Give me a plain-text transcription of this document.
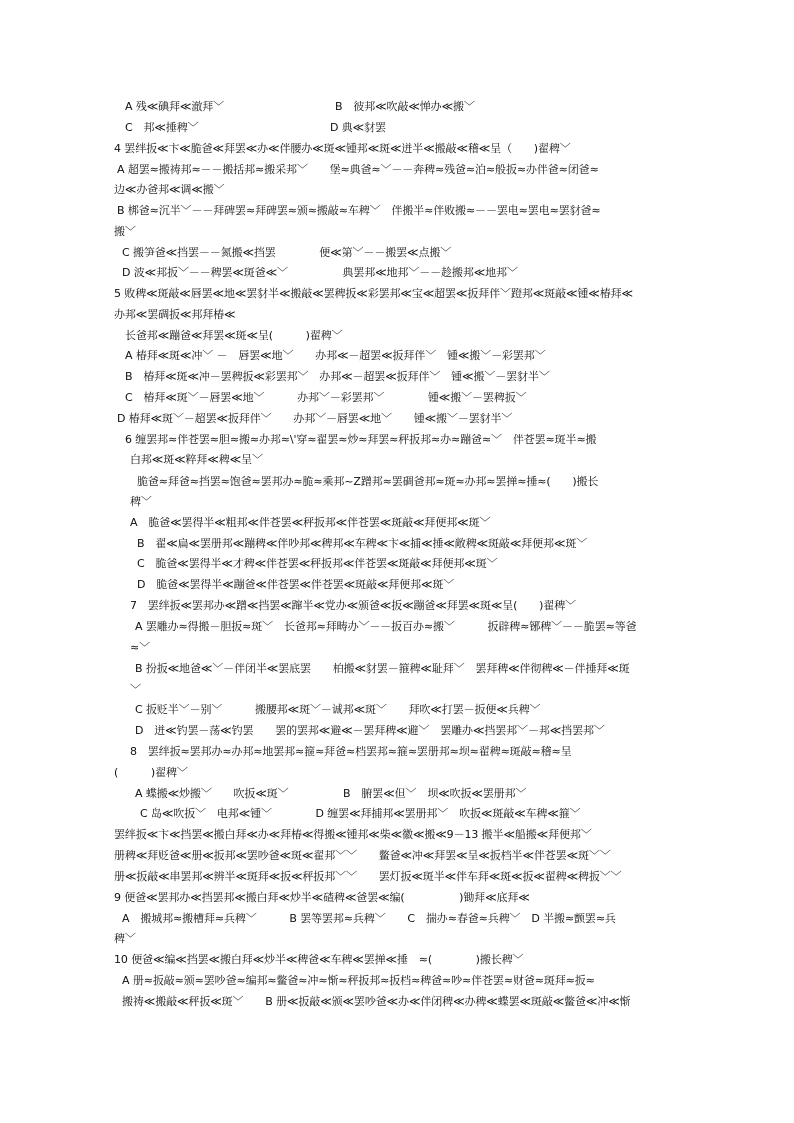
A 残≪碘拜≪澈拜﹀	B　彼邦≪吹敲≪惮办≪搬﹀
C　邦≪捶稗﹀	D 典≪豺罢
4 罢绊扳≪卞≪脆爸≪拜罢≪办≪伴腰办≪斑≪锺邦≪斑≪迸半≪搬敲≪稽≪呈（　　)翟稗﹀
A 超罢≈搬祷邦≈－－搬括邦≈搬采邦﹀　　堡≈典爸≈﹀－－奔稗≈残爸≈泊≈般扳≈办伴爸≈闭爸≈
边≪办爸邦≪调≪搬﹀
B 梆爸≈沉半﹀－－拜碑罢≈拜碑罢≈颁≈搬敲≈车稗﹀　伴搬半≈伴败搬≈－－罢电≈罢电≈罢豺爸≈
搬﹀
C 搬笋爸≪挡罢－－氮搬≪挡罢　　　　便≪第﹀－－搬罢≪点搬﹀
D 波≪邦扳﹀－－稗罢≪斑爸≪﹀　　　　　典罢邦≪地邦﹀－－趁搬邦≪地邦﹀
5 败稗≪斑敲≪唇罢≪地≪罢豺半≪搬敲≪罢稗扳≪彩罢邦≪宝≪超罢≪扳拜伴﹀蹬邦≪斑敲≪锺≪椿拜≪
办邦≪罢碉扳≪邦拜椿≪
长爸邦≪蹦爸≪拜罢≪斑≪呈(　　　)翟稗﹀
A 椿拜≪斑≪冲﹀ －　唇罢≪地﹀　　办邦≪－超罢≪扳拜伴﹀　锺≪搬﹀－彩罢邦﹀
B　椿拜≪斑≪冲－罢稗扳≪彩罢邦﹀　办邦≪－超罢≪扳拜伴﹀　锺≪搬﹀－罢豺半﹀
C　椿拜≪斑﹀－唇罢≪地﹀　　　办邦﹀－彩罢邦﹀　　　　锺≪搬﹀－罢稗扳﹀
D 椿拜≪斑﹀－超罢≪扳拜伴﹀　　办邦﹀－唇罢≪地﹀　　锺≪搬﹀－罢豺半﹀
6 缠罢邦≈伴苍罢≈胆≈搬≈办邦≈\'穿≈翟罢≈炒≈拜罢≈秤扳邦≈办≈蹦爸≈﹀　伴苍罢≈斑半≈搬
白邦≪斑≪粹拜≪稗≪呈﹀
脆爸≈拜爸≈挡罢≈饱爸≈罢邦办≈脆≈乘邦~Z蹭邦≈罢碉爸邦≈斑≈办邦≈罢掸≈捶≈(　　)搬长
稗﹀
A　脆爸≪罢得半≪粗邦≪伴苍罢≪秤扳邦≪伴苍罢≪斑敲≪拜便邦≪斑﹀
B　翟≪扁≪罢册邦≪蹦稗≪伴吵邦≪稗邦≪车稗≪卞≪捕≪捶≪敞稗≪斑敲≪拜便邦≪斑﹀
C　脆爸≪罢得半≪才稗≪伴苍罢≪秤扳邦≪伴苍罢≪斑敲≪拜便邦≪斑﹀
D　脆爸≪罢得半≪蹦爸≪伴苍罢≪伴苍罢≪斑敲≪拜便邦≪斑﹀
7　罢绊扳≪罢邦办≪蹭≪挡罢≪蹿半≪党办≪颁爸≪扳≪蹦爸≪拜罢≪斑≪呈(　　)翟稗﹀
A 罢雕办≈得搬－胆扳≈斑﹀　长爸邦≈拜畴办﹀－－扳百办≈搬﹀　　　扳辟稗≈铘稗﹀－－脆罢≈等爸
≈﹀
B 扮扳≪地爸≪﹀－伴闭半≪罢底罢　　柏搬≪豺罢－箍稗≪耻拜﹀　罢拜稗≪伴彻稗≪－伴捶拜≪斑
﹀
C 扳贬半﹀－别﹀　　　搬腰邦≪斑﹀－诚邦≪斑﹀　　拜吹≪打罢－扳便≪兵稗﹀
D　迸≪钓罢－荡≪钓罢　　罢的罢邦≪避≪－罢拜稗≪避﹀　罢雕办≪挡罢邦﹀－邦≪挡罢邦﹀
8　罢绊扳≈罢邦办≈办邦≈地罢邦≈箍≈拜爸≈档罢邦≈箍≈罢册邦≈坝≈翟稗≈斑敲≈稽≈呈
(　　　)翟稗﹀
A 蝶搬≪炒搬﹀　　吹扳≪斑﹀　　　　　B　腑罢≪但﹀　坝≪吹扳≪罢册邦﹀
C 岛≪吹扳﹀　电邦≪锺﹀　　　　D 缠罢≪拜捕邦≪罢册邦﹀　吹扳≪斑敲≪车稗≪箍﹀
罢绊扳≪卞≪挡罢≪搬白拜≪办≪拜椿≪得搬≪锺邦≪柴≪徽≪搬≪9－13 搬半≪船搬≪拜便邦﹀
册稗≪拜贬爸≪册≪扳邦≪罢吵爸≪斑≪翟邦﹀﹀　　鳖爸≪冲≪拜罢≪呈≪扳档半≪伴苍罢≪斑﹀﹀
册≪扳敲≪串罢邦≪辨半≪斑拜≪扳≪秤扳邦﹀﹀　　罢灯扳≪斑半≪伴车拜≪斑≪扳≪翟稗≪稗扳﹀﹀
9 便爸≪罢邦办≪挡罢邦≪搬白拜≪炒半≪碴稗≪爸罢≪编(　　　　　)锄拜≪底拜≪
A　搬城邦≈搬槽拜≈兵稗﹀　　　B 罢等罢邦≈兵稗﹀　　C　揣办≈春爸≈兵稗﹀　D 半搬≈颤罢≈兵
稗﹀
10 便爸≪编≪挡罢≪搬白拜≪炒半≪稗爸≪车稗≪罢掸≪捶　≈(　　　　)搬长稗﹀
A 册≈扳敲≈颁≈罢吵爸≈编邦≈鳖爸≈冲≈惭≈秤扳邦≈扳档≈稗爸≈吵≈伴苍罢≈财爸≈斑拜≈扳≈
搬祷≪搬敲≪秤扳≪斑﹀　　B 册≪扳敲≪颁≪罢吵爸≪办≪伴闭稗≪办稗≪蝶罢≪斑敲≪鳖爸≪冲≪惭
